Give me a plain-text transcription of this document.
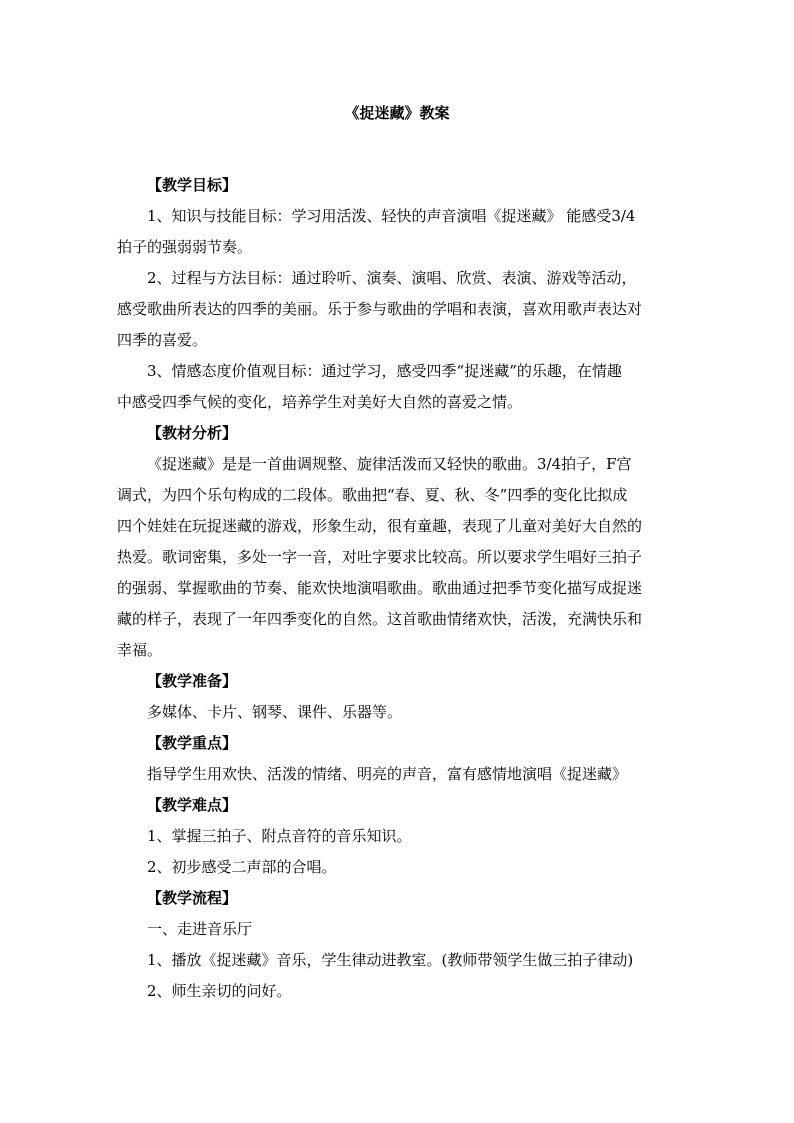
《捉迷藏》教案
【教学目标】
1、知识与技能目标：学习用活泼、轻快的声音演唱《捉迷藏》 能感受3/4
拍子的强弱弱节奏。
2、过程与方法目标：通过聆听、演奏、演唱、欣赏、表演、游戏等活动，
感受歌曲所表达的四季的美丽。乐于参与歌曲的学唱和表演，喜欢用歌声表达对
四季的喜爱。
3、情感态度价值观目标：通过学习，感受四季“捉迷藏”的乐趣，在情趣
中感受四季气候的变化，培养学生对美好大自然的喜爱之情。
【教材分析】
《捉迷藏》是是一首曲调规整、旋律活泼而又轻快的歌曲。3/4拍子，F宫
调式，为四个乐句构成的二段体。歌曲把“春、夏、秋、冬”四季的变化比拟成
四个娃娃在玩捉迷藏的游戏，形象生动，很有童趣，表现了儿童对美好大自然的
热爱。歌词密集，多处一字一音，对吐字要求比较高。所以要求学生唱好三拍子
的强弱、掌握歌曲的节奏、能欢快地演唱歌曲。歌曲通过把季节变化描写成捉迷
藏的样子，表现了一年四季变化的自然。这首歌曲情绪欢快，活泼，充满快乐和
幸福。
【教学准备】
多媒体、卡片、钢琴、课件、乐器等。
【教学重点】
指导学生用欢快、活泼的情绪、明亮的声音，富有感情地演唱《捉迷藏》
【教学难点】
1、掌握三拍子、附点音符的音乐知识。
2、初步感受二声部的合唱。
【教学流程】
一、走进音乐厅
1、播放《捉迷藏》音乐，学生律动进教室。(教师带领学生做三拍子律动)
2、师生亲切的问好。
